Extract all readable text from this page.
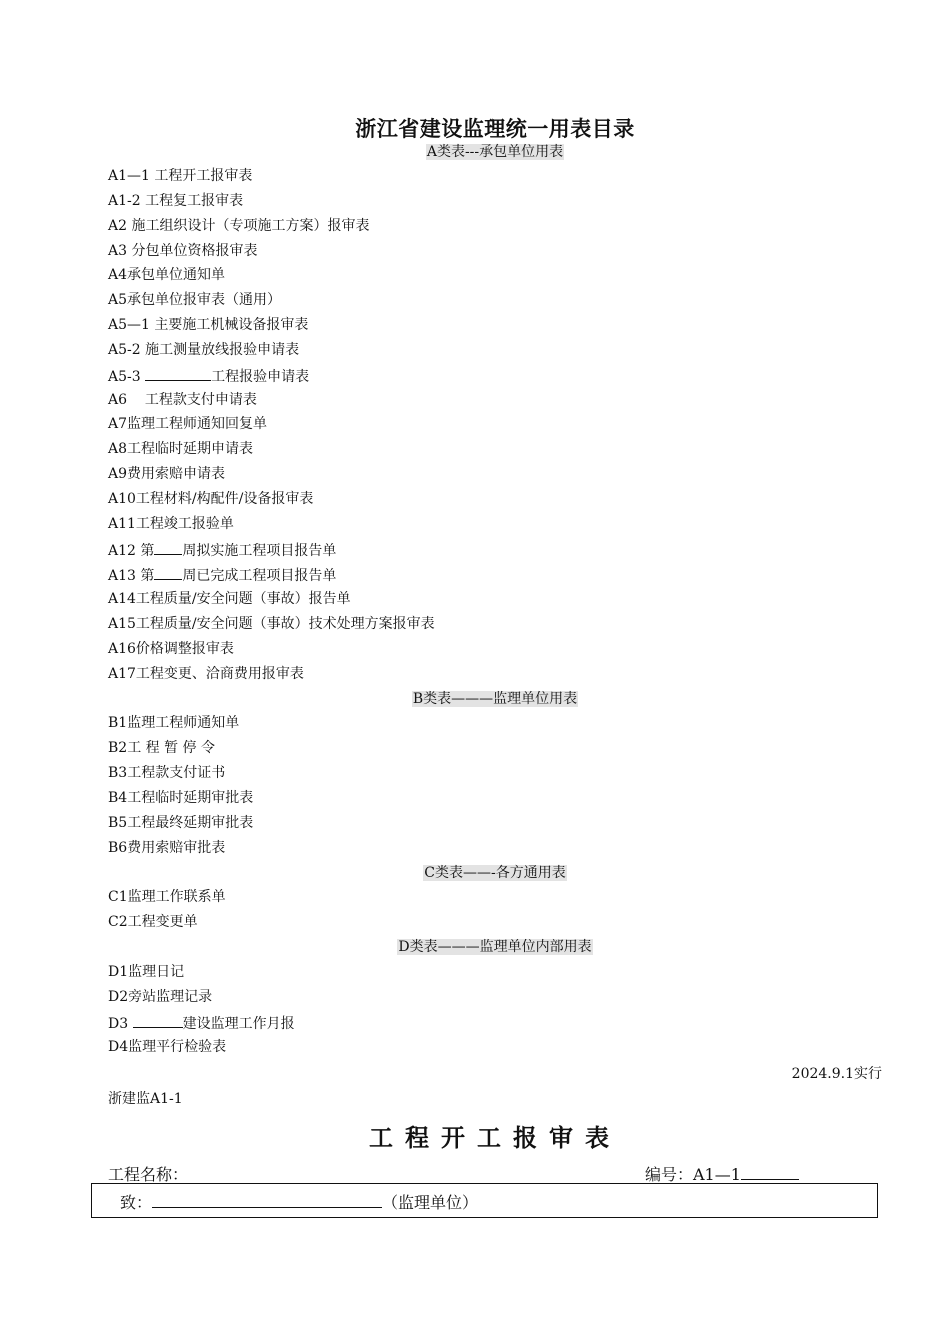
浙江省建设监理统一用表目录
A类表---承包单位用表
A1—1 工程开工报审表
A1-2 工程复工报审表
A2 施工组织设计（专项施工方案）报审表
A3 分包单位资格报审表
A4承包单位通知单
A5承包单位报审表（通用）
A5—1 主要施工机械设备报审表
A5-2 施工测量放线报验申请表
A5-3	工程报验申请表
A6    工程款支付申请表
A7监理工程师通知回复单
A8工程临时延期申请表
A9费用索赔申请表
A10工程材料/构配件/设备报审表
A11工程竣工报验单
A12 第 周拟实施工程项目报告单
A13 第 周已完成工程项目报告单
A14工程质量/安全问题（事故）报告单
A15工程质量/安全问题（事故）技术处理方案报审表
A16价格调整报审表
A17工程变更、洽商费用报审表
B类表———监理单位用表
B1监理工程师通知单
B2工 程 暂 停 令
B3工程款支付证书
B4工程临时延期审批表
B5工程最终延期审批表
B6费用索赔审批表
C类表——-各方通用表
C1监理工作联系单
C2工程变更单
D类表———监理单位内部用表
D1监理日记
D2旁站监理记录
D3	建设监理工作月报
D4监理平行检验表
2024.9.1实行
浙建监A1-1
工程开工报审表
工程名称：	编号：A1—1
致：	（监理单位）
